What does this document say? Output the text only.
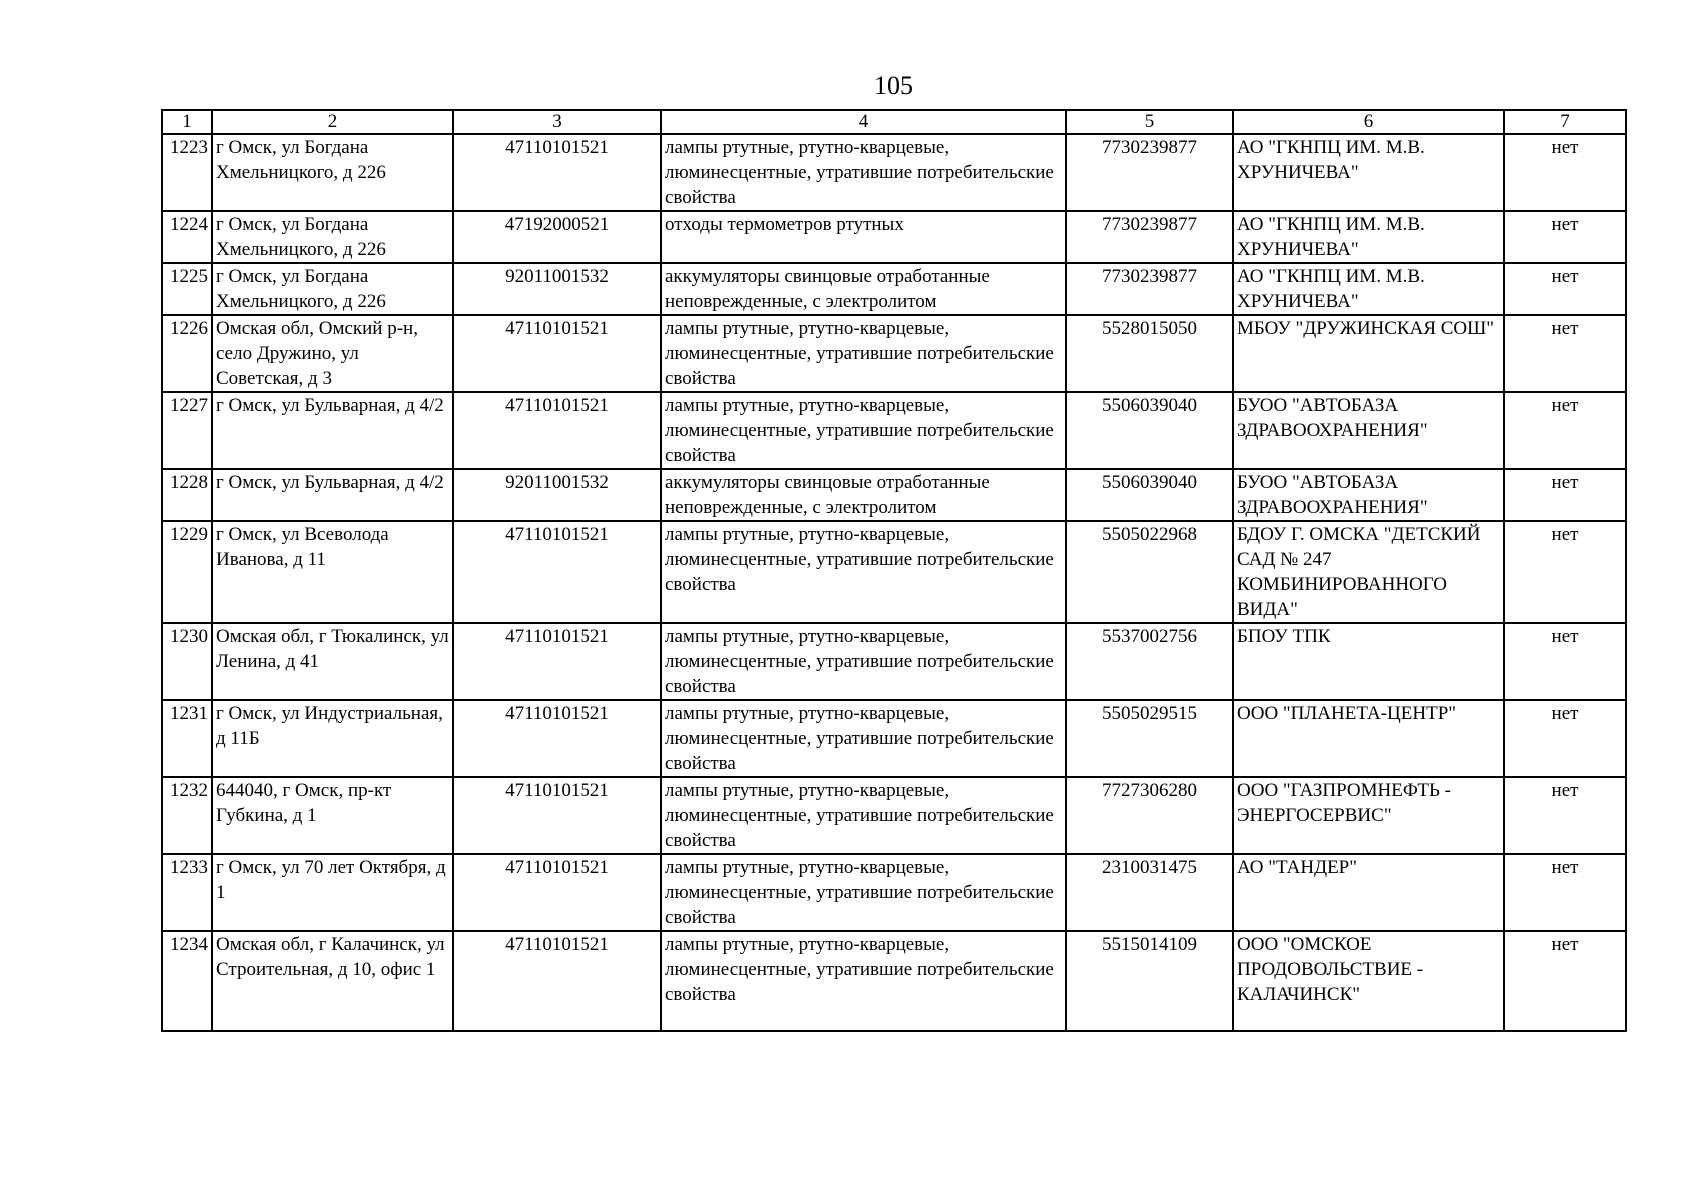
105
1	2	3	4	5	6	7
1223	г Омск, ул Богдана Хмельницкого, д 226	47110101521	лампы ртутные, ртутно-кварцевые, люминесцентные, утратившие потребительские свойства	7730239877	АО "ГКНПЦ ИМ. М.В. ХРУНИЧЕВА"	нет
1224	г Омск, ул Богдана Хмельницкого, д 226	47192000521	отходы термометров ртутных	7730239877	АО "ГКНПЦ ИМ. М.В. ХРУНИЧЕВА"	нет
1225	г Омск, ул Богдана Хмельницкого, д 226	92011001532	аккумуляторы свинцовые отработанные неповрежденные, с электролитом	7730239877	АО "ГКНПЦ ИМ. М.В. ХРУНИЧЕВА"	нет
1226	Омская обл, Омский р-н, село Дружино, ул Советская, д 3	47110101521	лампы ртутные, ртутно-кварцевые, люминесцентные, утратившие потребительские свойства	5528015050	МБОУ "ДРУЖИНСКАЯ СОШ"	нет
1227	г Омск, ул Бульварная, д 4/2	47110101521	лампы ртутные, ртутно-кварцевые, люминесцентные, утратившие потребительские свойства	5506039040	БУОО "АВТОБАЗА ЗДРАВООХРАНЕНИЯ"	нет
1228	г Омск, ул Бульварная, д 4/2	92011001532	аккумуляторы свинцовые отработанные неповрежденные, с электролитом	5506039040	БУОО "АВТОБАЗА ЗДРАВООХРАНЕНИЯ"	нет
1229	г Омск, ул Всеволода Иванова, д 11	47110101521	лампы ртутные, ртутно-кварцевые, люминесцентные, утратившие потребительские свойства	5505022968	БДОУ Г. ОМСКА "ДЕТСКИЙ САД № 247 КОМБИНИРОВАННОГО ВИДА"	нет
1230	Омская обл, г Тюкалинск, ул Ленина, д 41	47110101521	лампы ртутные, ртутно-кварцевые, люминесцентные, утратившие потребительские свойства	5537002756	БПОУ ТПК	нет
1231	г Омск, ул Индустриальная, д 11Б	47110101521	лампы ртутные, ртутно-кварцевые, люминесцентные, утратившие потребительские свойства	5505029515	ООО "ПЛАНЕТА-ЦЕНТР"	нет
1232	644040, г Омск, пр-кт Губкина, д 1	47110101521	лампы ртутные, ртутно-кварцевые, люминесцентные, утратившие потребительские свойства	7727306280	ООО "ГАЗПРОМНЕФТЬ - ЭНЕРГОСЕРВИС"	нет
1233	г Омск, ул 70 лет Октября, д 1	47110101521	лампы ртутные, ртутно-кварцевые, люминесцентные, утратившие потребительские свойства	2310031475	АО "ТАНДЕР"	нет
1234	Омская обл, г Калачинск, ул Строительная, д 10, офис 1	47110101521	лампы ртутные, ртутно-кварцевые, люминесцентные, утратившие потребительские свойства	5515014109	ООО "ОМСКОЕ ПРОДОВОЛЬСТВИЕ - КАЛАЧИНСК"	нет
